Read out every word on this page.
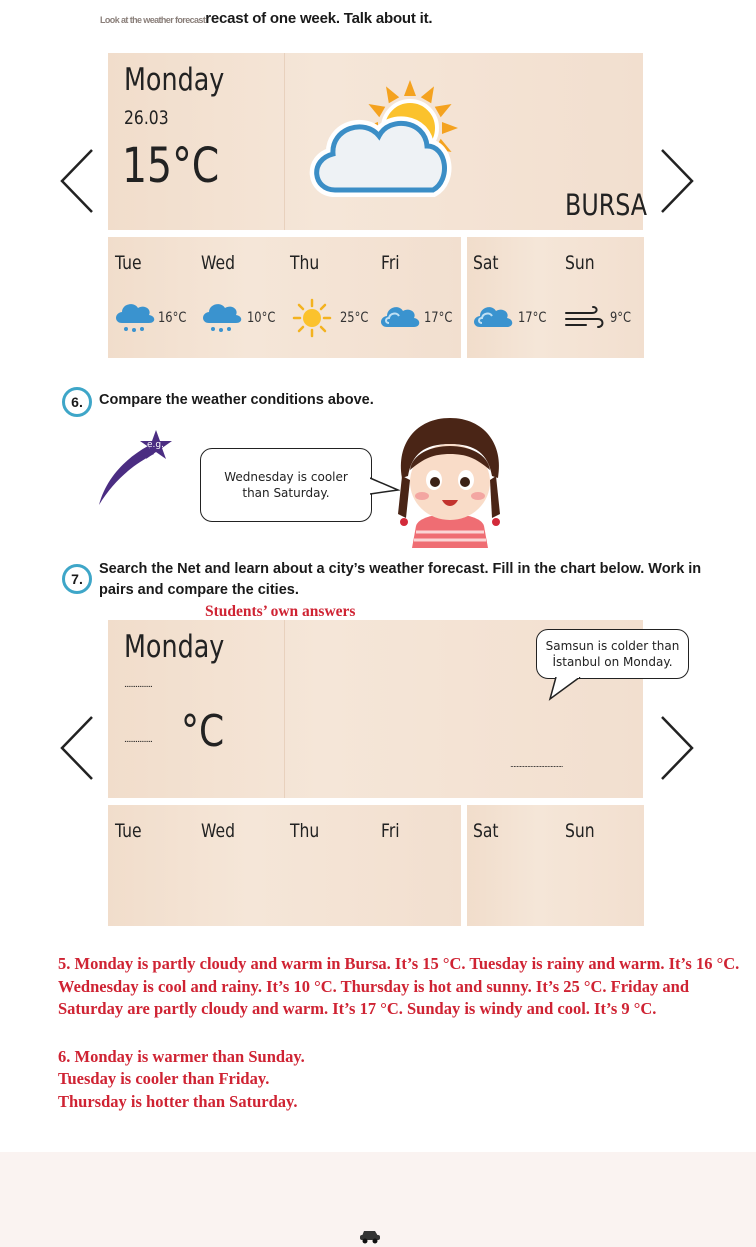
Look at the weather forecastrecast of one week. Talk about it.
Monday
26.03
15°C
BURSA
Tue	Wed	Thu	Fri	Sat	Sun
16°C	10°C	25°C	17°C	17°C	9°C
6.	Compare the weather conditions above.
e.g.
Wednesday is cooler than Saturday.
7.
Search the Net and learn about a city’s weather forecast. Fill in the chart below. Work in pairs and compare the cities.
Students’ own answers
Monday
...............
............... °C
..................................
Samsun is colder than İstanbul on Monday.
Tue	Wed	Thu	Fri	Sat	Sun
5. Monday is partly cloudy and warm in Bursa. It’s 15 °C. Tuesday is rainy and warm. It’s 16 °C. Wednesday is cool and rainy. It’s 10 °C. Thursday is hot and sunny. It’s 25 °C. Friday and Saturday are partly cloudy and warm. It’s 17 °C. Sunday is windy and cool. It’s 9 °C.
6. Monday is warmer than Sunday.
Tuesday is cooler than Friday.
Thursday is hotter than Saturday.
